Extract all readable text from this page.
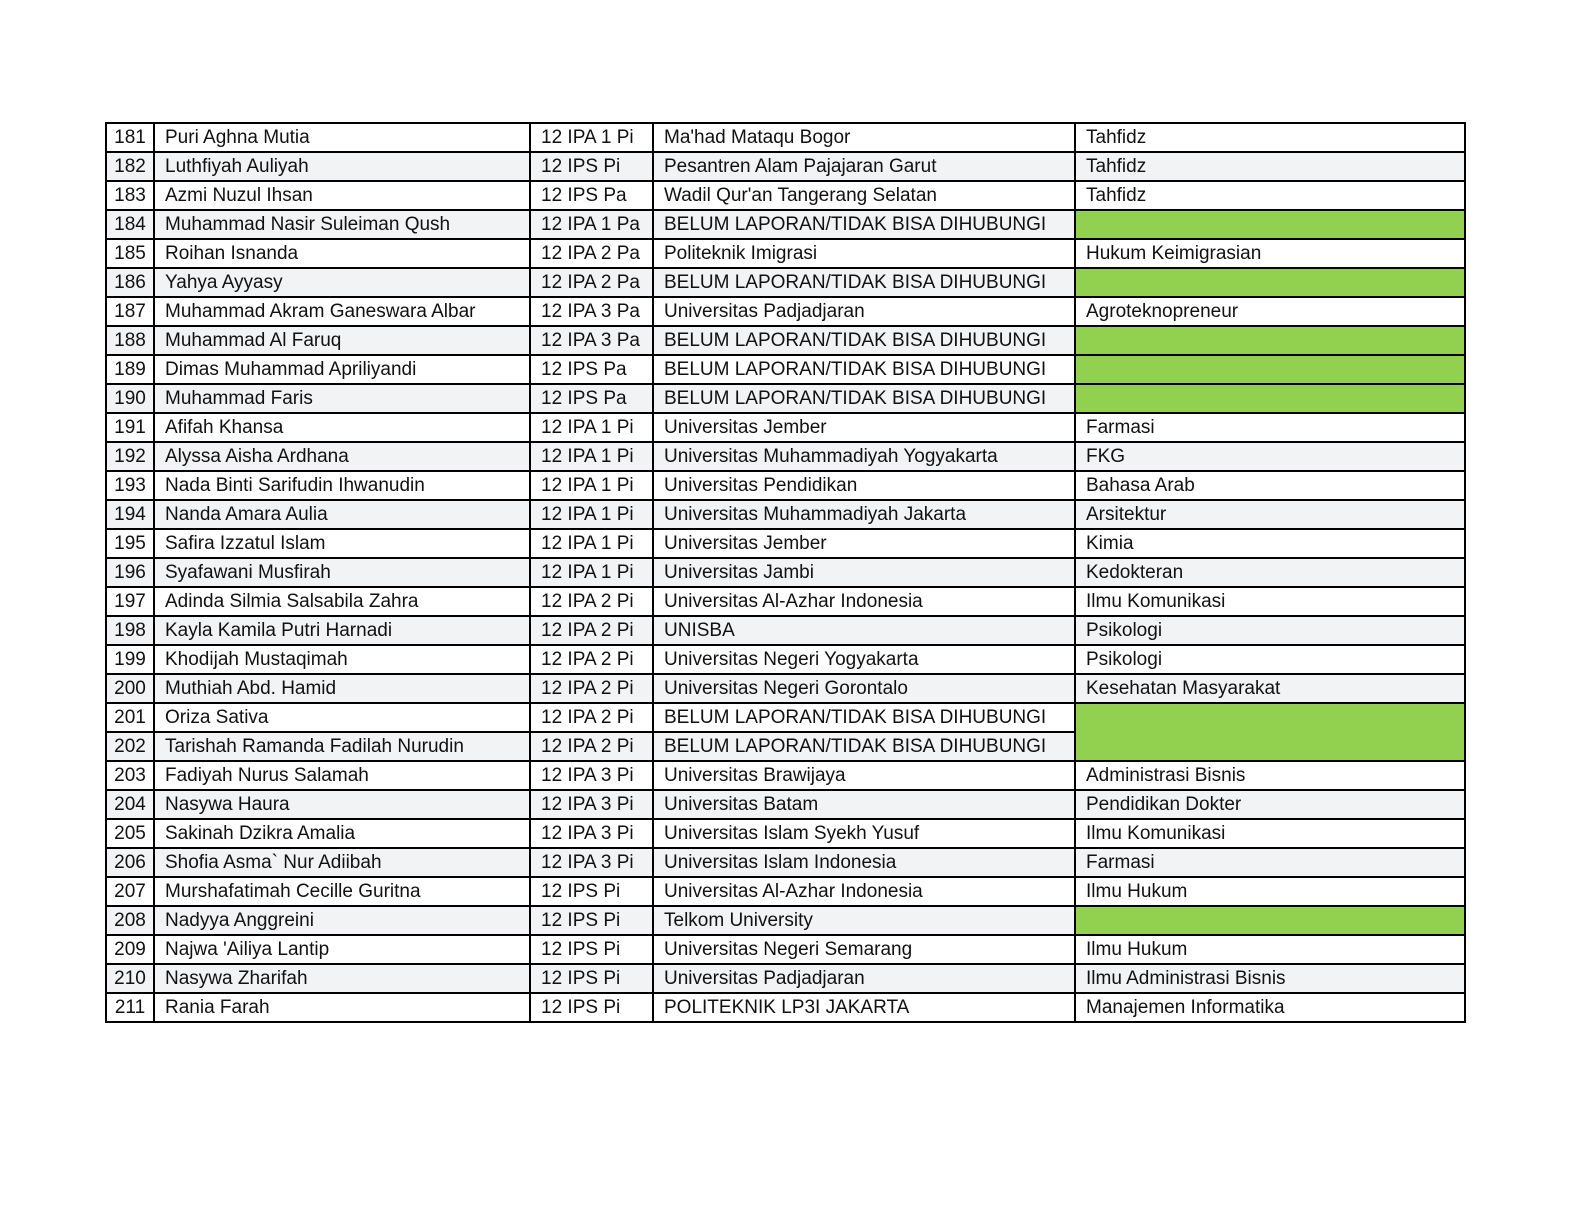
181	Puri Aghna Mutia	12 IPA 1 Pi	Ma'had Mataqu Bogor	Tahfidz
182	Luthfiyah Auliyah	12 IPS Pi	Pesantren Alam Pajajaran Garut	Tahfidz
183	Azmi Nuzul Ihsan	12 IPS Pa	Wadil Qur'an Tangerang Selatan	Tahfidz
184	Muhammad Nasir Suleiman Qush	12 IPA 1 Pa	BELUM LAPORAN/TIDAK BISA DIHUBUNGI	
185	Roihan Isnanda	12 IPA 2 Pa	Politeknik Imigrasi	Hukum Keimigrasian
186	Yahya Ayyasy	12 IPA 2 Pa	BELUM LAPORAN/TIDAK BISA DIHUBUNGI	
187	Muhammad Akram Ganeswara Albar	12 IPA 3 Pa	Universitas Padjadjaran	Agroteknopreneur
188	Muhammad Al Faruq	12 IPA 3 Pa	BELUM LAPORAN/TIDAK BISA DIHUBUNGI	
189	Dimas Muhammad Apriliyandi	12 IPS Pa	BELUM LAPORAN/TIDAK BISA DIHUBUNGI	
190	Muhammad Faris	12 IPS Pa	BELUM LAPORAN/TIDAK BISA DIHUBUNGI	
191	Afifah Khansa	12 IPA 1 Pi	Universitas Jember	Farmasi
192	Alyssa Aisha Ardhana	12 IPA 1 Pi	Universitas Muhammadiyah Yogyakarta	FKG
193	Nada Binti Sarifudin Ihwanudin	12 IPA 1 Pi	Universitas Pendidikan	Bahasa Arab
194	Nanda Amara Aulia	12 IPA 1 Pi	Universitas Muhammadiyah Jakarta	Arsitektur
195	Safira Izzatul Islam	12 IPA 1 Pi	Universitas Jember	Kimia
196	Syafawani Musfirah	12 IPA 1 Pi	Universitas Jambi	Kedokteran
197	Adinda Silmia Salsabila Zahra	12 IPA 2 Pi	Universitas Al-Azhar Indonesia	Ilmu Komunikasi
198	Kayla Kamila Putri Harnadi	12 IPA 2 Pi	UNISBA	Psikologi
199	Khodijah Mustaqimah	12 IPA 2 Pi	Universitas Negeri Yogyakarta	Psikologi
200	Muthiah Abd. Hamid	12 IPA 2 Pi	Universitas Negeri Gorontalo	Kesehatan Masyarakat
201	Oriza Sativa	12 IPA 2 Pi	BELUM LAPORAN/TIDAK BISA DIHUBUNGI	
202	Tarishah Ramanda Fadilah Nurudin	12 IPA 2 Pi	BELUM LAPORAN/TIDAK BISA DIHUBUNGI	
203	Fadiyah Nurus Salamah	12 IPA 3 Pi	Universitas Brawijaya	Administrasi Bisnis
204	Nasywa Haura	12 IPA 3 Pi	Universitas Batam	Pendidikan Dokter
205	Sakinah Dzikra Amalia	12 IPA 3 Pi	Universitas Islam Syekh Yusuf	Ilmu Komunikasi
206	Shofia Asma` Nur Adiibah	12 IPA 3 Pi	Universitas Islam Indonesia	Farmasi
207	Murshafatimah Cecille Guritna	12 IPS Pi	Universitas Al-Azhar Indonesia	Ilmu Hukum
208	Nadyya Anggreini	12 IPS Pi	Telkom University	
209	Najwa 'Ailiya Lantip	12 IPS Pi	Universitas Negeri Semarang	Ilmu Hukum
210	Nasywa Zharifah	12 IPS Pi	Universitas Padjadjaran	Ilmu Administrasi Bisnis
211	Rania Farah	12 IPS Pi	POLITEKNIK LP3I JAKARTA	Manajemen Informatika
